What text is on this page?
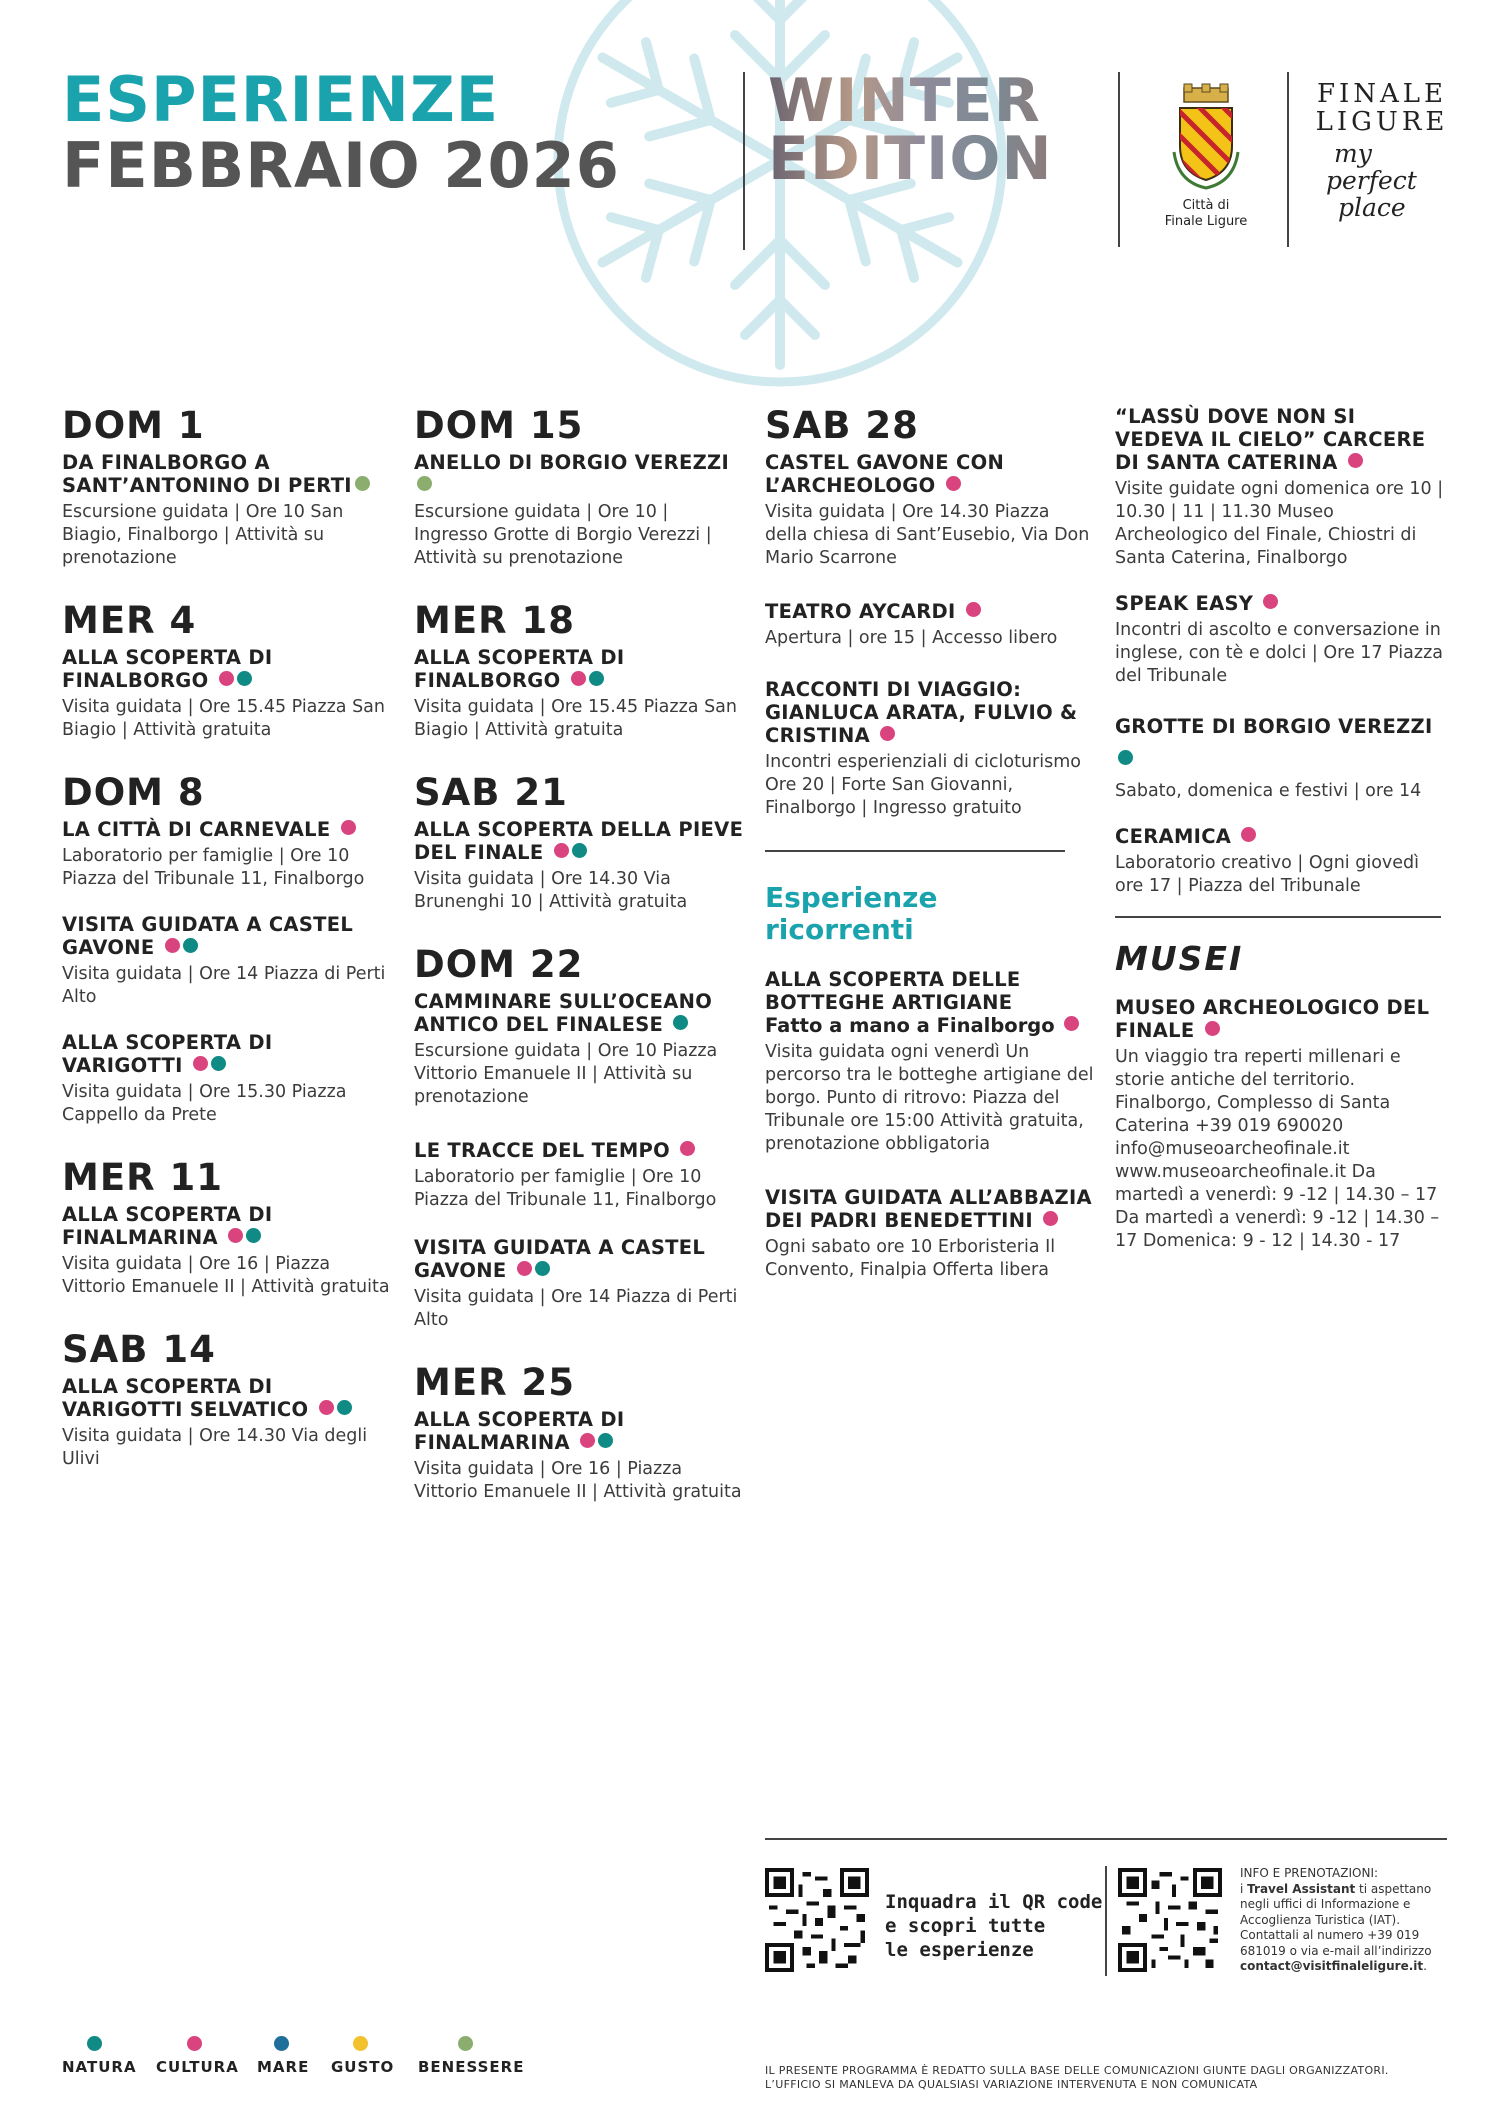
ESPERIENZE
FEBBRAIO 2026
WINTER
EDITION
Città di
Finale Ligure
FINALE
LIGURE
my
perfect
place
DOM 1
DA FINALBORGO A SANT’ANTONINO DI PERTI
Escursione guidata | Ore 10 San Biagio, Finalborgo | Attività su prenotazione
MER 4
ALLA SCOPERTA DI FINALBORGO
Visita guidata | Ore 15.45 Piazza San Biagio | Attività gratuita
DOM 8
LA CITTÀ DI CARNEVALE
Laboratorio per famiglie | Ore 10 Piazza del Tribunale 11, Finalborgo
VISITA GUIDATA A CASTEL GAVONE
Visita guidata | Ore 14 Piazza di Perti Alto
ALLA SCOPERTA DI VARIGOTTI
Visita guidata | Ore 15.30 Piazza Cappello da Prete
MER 11
ALLA SCOPERTA DI FINALMARINA
Visita guidata | Ore 16 | Piazza Vittorio Emanuele II | Attività gratuita
SAB 14
ALLA SCOPERTA DI VARIGOTTI SELVATICO
Visita guidata | Ore 14.30 Via degli Ulivi
DOM 15
ANELLO DI BORGIO VEREZZI
Escursione guidata | Ore 10 | Ingresso Grotte di Borgio Verezzi | Attività su prenotazione
MER 18
ALLA SCOPERTA DI FINALBORGO
Visita guidata | Ore 15.45 Piazza San Biagio | Attività gratuita
SAB 21
ALLA SCOPERTA DELLA PIEVE DEL FINALE
Visita guidata | Ore 14.30 Via Brunenghi 10 | Attività gratuita
DOM 22
CAMMINARE SULL’OCEANO ANTICO DEL FINALESE
Escursione guidata | Ore 10 Piazza Vittorio Emanuele II | Attività su prenotazione
LE TRACCE DEL TEMPO
Laboratorio per famiglie | Ore 10 Piazza del Tribunale 11, Finalborgo
VISITA GUIDATA A CASTEL GAVONE
Visita guidata | Ore 14 Piazza di Perti Alto
MER 25
ALLA SCOPERTA DI FINALMARINA
Visita guidata | Ore 16 | Piazza Vittorio Emanuele II | Attività gratuita
SAB 28
CASTEL GAVONE CON L’ARCHEOLOGO
Visita guidata | Ore 14.30 Piazza della chiesa di Sant’Eusebio, Via Don Mario Scarrone
TEATRO AYCARDI
Apertura | ore 15 | Accesso libero
RACCONTI DI VIAGGIO: GIANLUCA ARATA, FULVIO & CRISTINA
Incontri esperienziali di cicloturismo Ore 20 | Forte San Giovanni, Finalborgo | Ingresso gratuito
Esperienze
ricorrenti
ALLA SCOPERTA DELLE BOTTEGHE ARTIGIANE
Fatto a mano a Finalborgo
Visita guidata ogni venerdì Un percorso tra le botteghe artigiane del borgo. Punto di ritrovo: Piazza del Tribunale ore 15:00 Attività gratuita, prenotazione obbligatoria
VISITA GUIDATA ALL’ABBAZIA DEI PADRI BENEDETTINI
Ogni sabato ore 10 Erboristeria Il Convento, Finalpia Offerta libera
“LASSÙ DOVE NON SI VEDEVA IL CIELO” CARCERE DI SANTA CATERINA
Visite guidate ogni domenica ore 10 | 10.30 | 11 | 11.30 Museo Archeologico del Finale, Chiostri di Santa Caterina, Finalborgo
SPEAK EASY
Incontri di ascolto e conversazione in inglese, con tè e dolci | Ore 17 Piazza del Tribunale
GROTTE DI BORGIO VEREZZI
Sabato, domenica e festivi | ore 14
CERAMICA
Laboratorio creativo | Ogni giovedì ore 17 | Piazza del Tribunale
MUSEI
MUSEO ARCHEOLOGICO DEL FINALE
Un viaggio tra reperti millenari e storie antiche del territorio. Finalborgo, Complesso di Santa Caterina +39 019 690020 info@museoarcheofinale.it www.museoarcheofinale.it Da martedì a venerdì: 9 -12 | 14.30 – 17 Da martedì a venerdì: 9 -12 | 14.30 – 17 Domenica: 9 - 12 | 14.30 - 17
Inquadra il QR code
e scopri tutte
le esperienze
INFO E PRENOTAZIONI:
i Travel Assistant ti aspettano negli uffici di Informazione e Accoglienza Turistica (IAT). Contattali al numero +39 019 681019 o via e-mail all’indirizzo contact@visitfinaleligure.it.
NATURA CULTURA MARE GUSTO BENESSERE	IL PRESENTE PROGRAMMA È REDATTO SULLA BASE DELLE COMUNICAZIONI GIUNTE DAGLI ORGANIZZATORI.
L’UFFICIO SI MANLEVA DA QUALSIASI VARIAZIONE INTERVENUTA E NON COMUNICATA
